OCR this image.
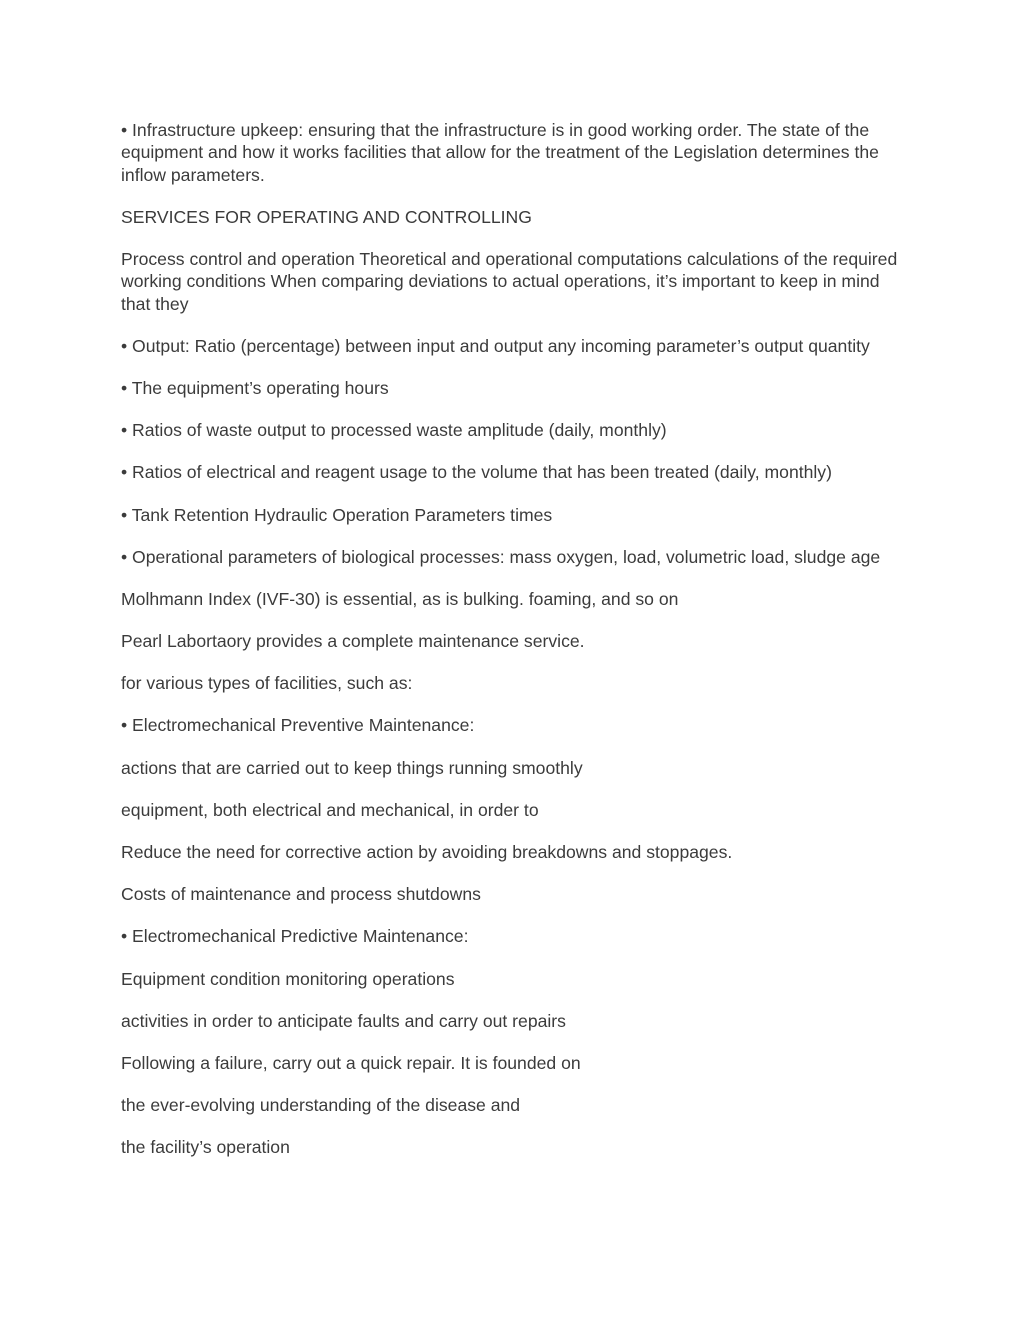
• Infrastructure upkeep: ensuring that the infrastructure is in good working order. The state of the equipment and how it works facilities that allow for the treatment of the Legislation determines the inflow parameters.

SERVICES FOR OPERATING AND CONTROLLING

Process control and operation Theoretical and operational computations calculations of the required working conditions When comparing deviations to actual operations, it’s important to keep in mind that they

• Output: Ratio (percentage) between input and output any incoming parameter’s output quantity

• The equipment’s operating hours

• Ratios of waste output to processed waste amplitude (daily, monthly)

• Ratios of electrical and reagent usage to the volume that has been treated (daily, monthly)

• Tank Retention Hydraulic Operation Parameters times

• Operational parameters of biological processes: mass oxygen, load, volumetric load, sludge age

Molhmann Index (IVF-30) is essential, as is bulking. foaming, and so on

Pearl Labortaory provides a complete maintenance service.

for various types of facilities, such as:

• Electromechanical Preventive Maintenance:

actions that are carried out to keep things running smoothly

equipment, both electrical and mechanical, in order to

Reduce the need for corrective action by avoiding breakdowns and stoppages.

Costs of maintenance and process shutdowns

• Electromechanical Predictive Maintenance:

Equipment condition monitoring operations

activities in order to anticipate faults and carry out repairs

Following a failure, carry out a quick repair. It is founded on

the ever-evolving understanding of the disease and

the facility’s operation
